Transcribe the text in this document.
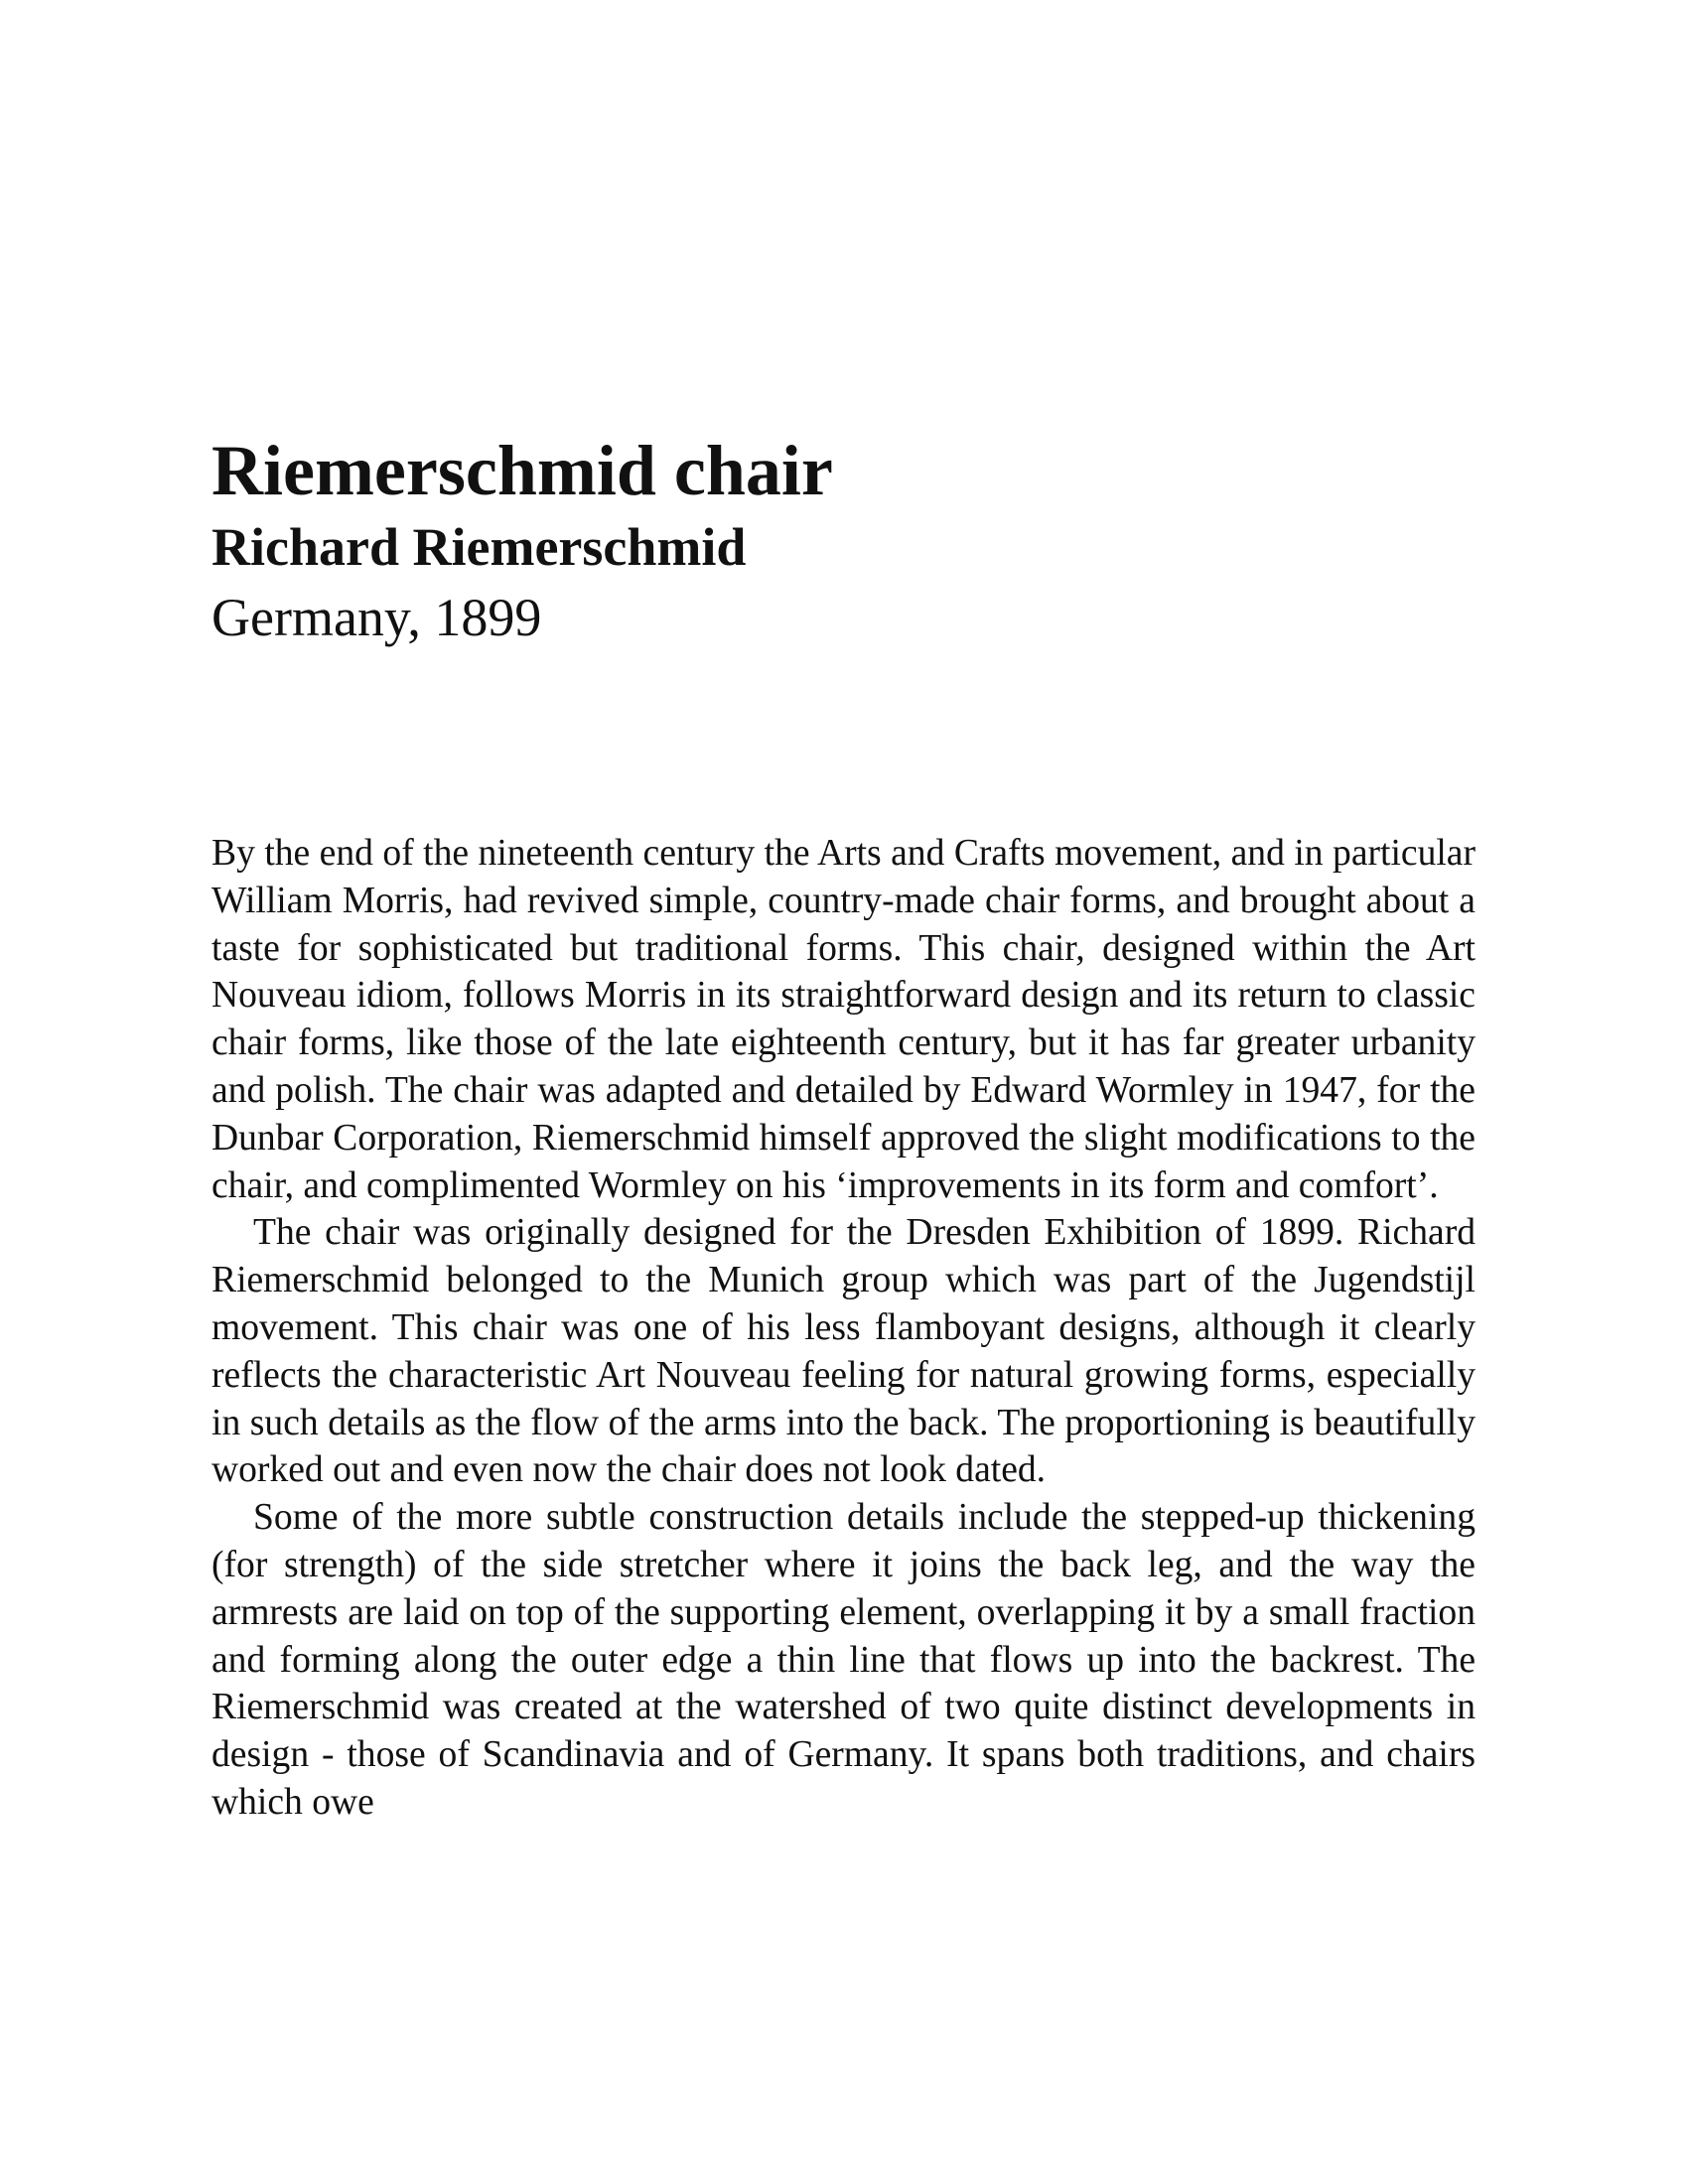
Riemerschmid chair
Richard Riemerschmid
Germany, 1899

By the end of the nineteenth century the Arts and Crafts movement, and in particular William Morris, had revived simple, country-made chair forms, and brought about a taste for sophisticated but traditional forms. This chair, designed within the Art Nouveau idiom, follows Morris in its straightforward design and its return to classic chair forms, like those of the late eighteenth century, but it has far greater urbanity and polish. The chair was adapted and detailed by Edward Wormley in 1947, for the Dunbar Corporation, Riemerschmid himself approved the slight modifications to the chair, and complimented Wormley on his ‘improvements in its form and comfort’.

The chair was originally designed for the Dresden Exhibition of 1899. Richard Riemerschmid belonged to the Munich group which was part of the Jugendstijl movement. This chair was one of his less flamboyant designs, although it clearly reflects the characteristic Art Nouveau feeling for natural growing forms, especially in such details as the flow of the arms into the back. The proportioning is beautifully worked out and even now the chair does not look dated.

Some of the more subtle construction details include the stepped-up thickening (for strength) of the side stretcher where it joins the back leg, and the way the armrests are laid on top of the supporting element, overlapping it by a small fraction and forming along the outer edge a thin line that flows up into the backrest. The Riemerschmid was created at the watershed of two quite distinct developments in design - those of Scandinavia and of Germany. It spans both traditions, and chairs which owe
